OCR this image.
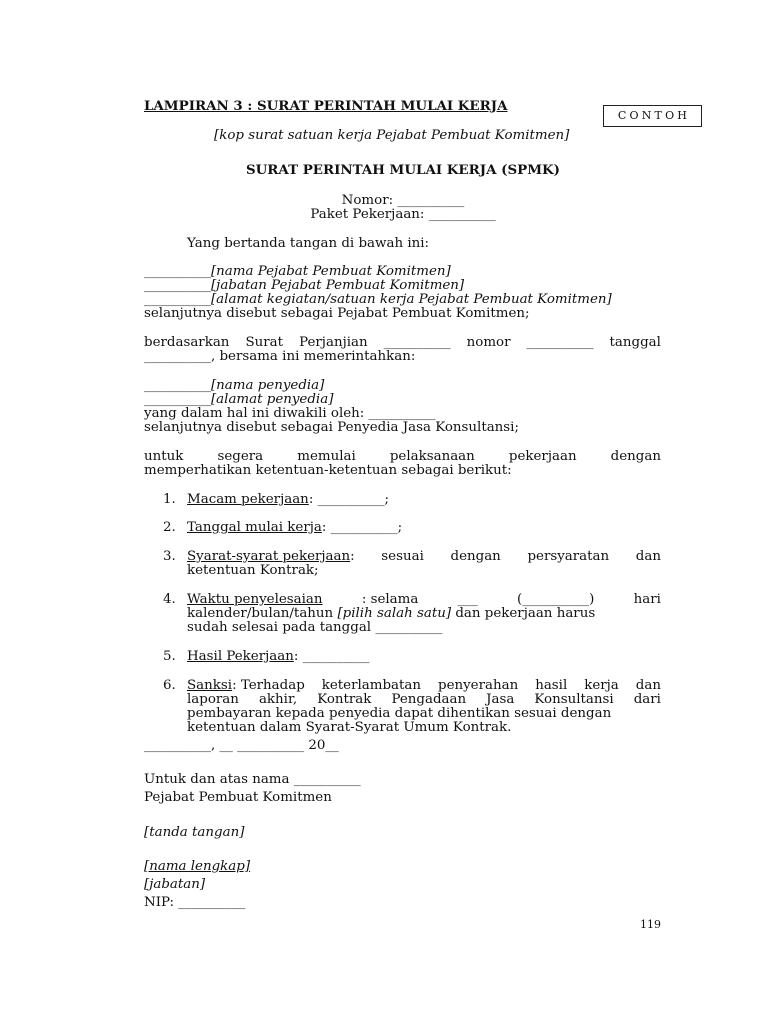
LAMPIRAN 3 : SURAT PERINTAH MULAI KERJA
CONTOH
[kop surat satuan kerja Pejabat Pembuat Komitmen]
SURAT PERINTAH MULAI KERJA (SPMK)
Nomor: __________
Paket Pekerjaan: __________
Yang bertanda tangan di bawah ini:
__________[nama Pejabat Pembuat Komitmen]
__________[jabatan Pejabat Pembuat Komitmen]
__________[alamat kegiatan/satuan kerja Pejabat Pembuat Komitmen]
selanjutnya disebut sebagai Pejabat Pembuat Komitmen;
berdasarkan Surat Perjanjian __________ nomor __________ tanggal
__________, bersama ini memerintahkan:
__________[nama penyedia]
__________[alamat penyedia]
yang dalam hal ini diwakili oleh: __________
selanjutnya disebut sebagai Penyedia Jasa Konsultansi;
untuk	segera	memulai	pelaksanaan	pekerjaan	dengan
memperhatikan ketentuan-ketentuan sebagai berikut:
1. Macam pekerjaan: __________;
2. Tanggal mulai kerja: __________;
3. Syarat-syarat pekerjaan: sesuai dengan persyaratan dan
ketentuan Kontrak;
4. Waktu penyelesaian	: selama	___	(__________)	hari
kalender/bulan/tahun [pilih salah satu] dan pekerjaan harus
sudah selesai pada tanggal __________
5. Hasil Pekerjaan: __________
6. Sanksi: Terhadap keterlambatan penyerahan hasil kerja dan
laporan akhir, Kontrak Pengadaan Jasa Konsultansi dari
pembayaran kepada penyedia dapat dihentikan sesuai dengan
ketentuan dalam Syarat-Syarat Umum Kontrak.
__________, __ __________ 20__
Untuk dan atas nama __________
Pejabat Pembuat Komitmen
[tanda tangan]
[nama lengkap]
[jabatan]
NIP: __________
119
